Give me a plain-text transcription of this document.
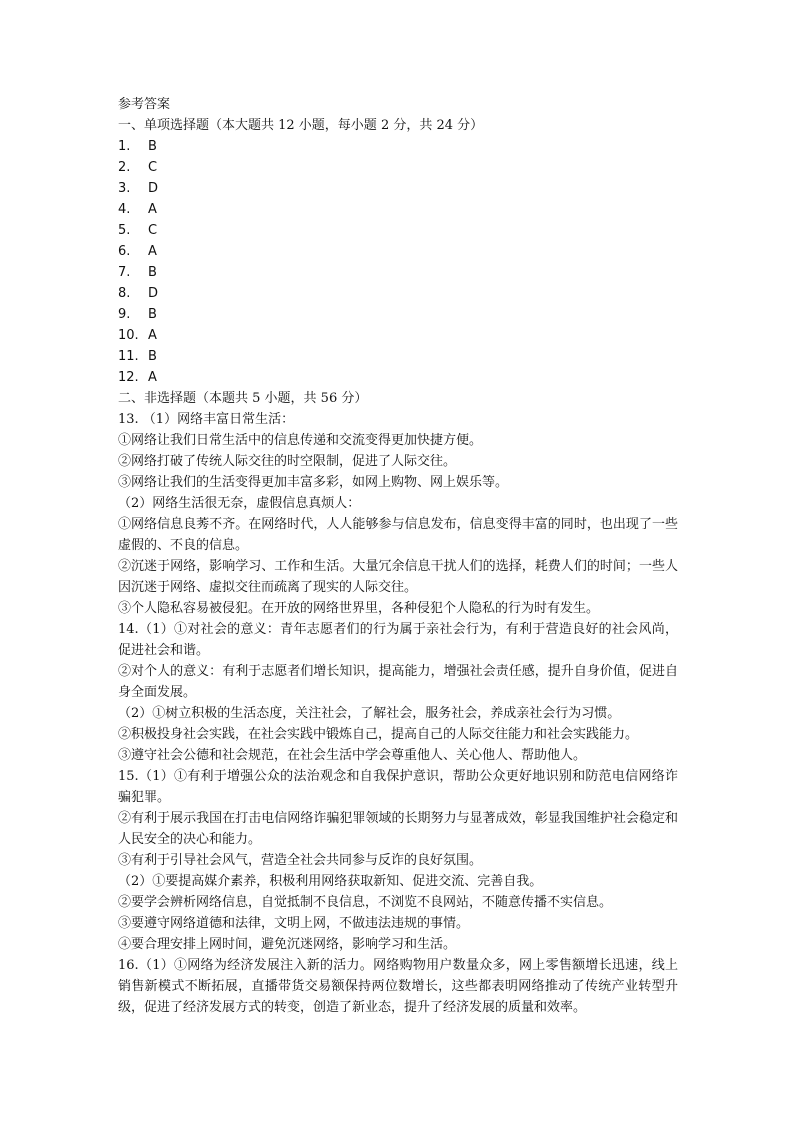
参考答案
一、单项选择题（本大题共 12 小题，每小题 2 分，共 24 分）
1. B
2. C
3. D
4. A
5. C
6. A
7. B
8. D
9. B
10. A
11. B
12. A
二、非选择题（本题共 5 小题，共 56 分）
13. （1）网络丰富日常生活：
①网络让我们日常生活中的信息传递和交流变得更加快捷方便。
②网络打破了传统人际交往的时空限制，促进了人际交往。
③网络让我们的生活变得更加丰富多彩，如网上购物、网上娱乐等。
（2）网络生活很无奈，虚假信息真烦人：
①网络信息良莠不齐。在网络时代，人人能够参与信息发布，信息变得丰富的同时，也出现了一些虚假的、不良的信息。
②沉迷于网络，影响学习、工作和生活。大量冗余信息干扰人们的选择，耗费人们的时间；一些人因沉迷于网络、虚拟交往而疏离了现实的人际交往。
③个人隐私容易被侵犯。在开放的网络世界里，各种侵犯个人隐私的行为时有发生。
14.（1）①对社会的意义：青年志愿者们的行为属于亲社会行为，有利于营造良好的社会风尚，促进社会和谐。
②对个人的意义：有利于志愿者们增长知识，提高能力，增强社会责任感，提升自身价值，促进自身全面发展。
（2）①树立积极的生活态度，关注社会，了解社会，服务社会，养成亲社会行为习惯。
②积极投身社会实践，在社会实践中锻炼自己，提高自己的人际交往能力和社会实践能力。
③遵守社会公德和社会规范，在社会生活中学会尊重他人、关心他人、帮助他人。
15.（1）①有利于增强公众的法治观念和自我保护意识，帮助公众更好地识别和防范电信网络诈骗犯罪。
②有利于展示我国在打击电信网络诈骗犯罪领域的长期努力与显著成效，彰显我国维护社会稳定和人民安全的决心和能力。
③有利于引导社会风气，营造全社会共同参与反诈的良好氛围。
（2）①要提高媒介素养，积极利用网络获取新知、促进交流、完善自我。
②要学会辨析网络信息，自觉抵制不良信息，不浏览不良网站，不随意传播不实信息。
③要遵守网络道德和法律，文明上网，不做违法违规的事情。
④要合理安排上网时间，避免沉迷网络，影响学习和生活。
16.（1）①网络为经济发展注入新的活力。网络购物用户数量众多，网上零售额增长迅速，线上销售新模式不断拓展，直播带货交易额保持两位数增长，这些都表明网络推动了传统产业转型升级，促进了经济发展方式的转变，创造了新业态，提升了经济发展的质量和效率。
